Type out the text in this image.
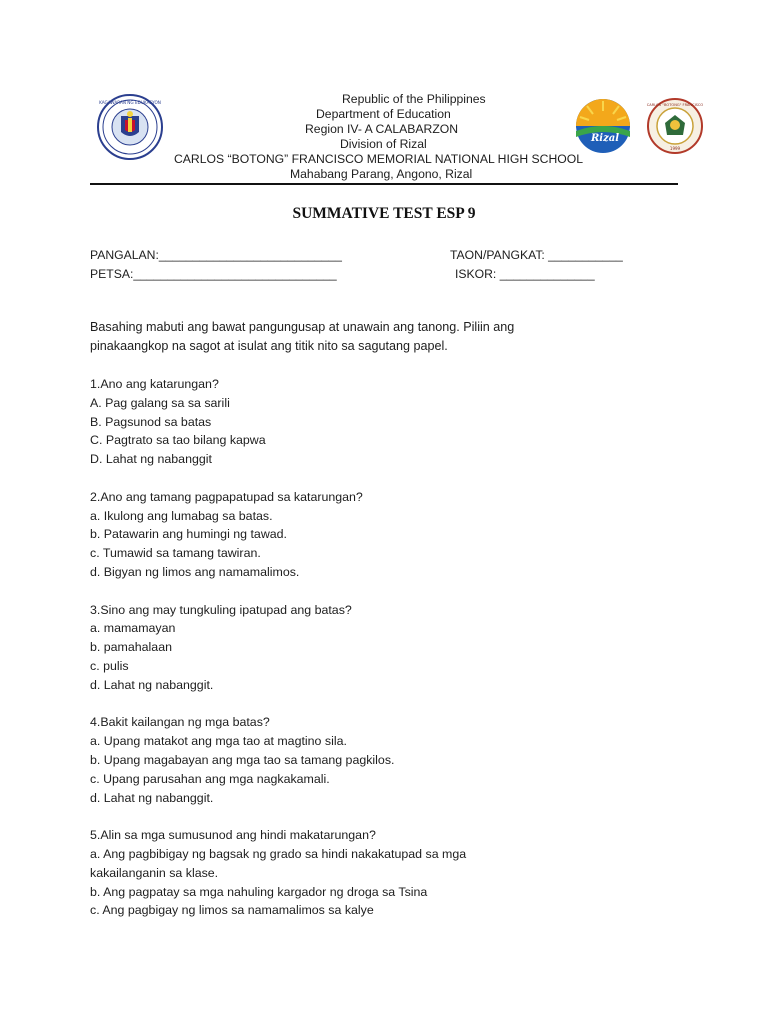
KAGAWARAN NG EDUKASYON
Rizal
CARLOS "BOTONG" FRANCISCO
1999
Republic of the Philippines
Department of Education
Region IV- A CALABARZON
Division of Rizal
CARLOS “BOTONG” FRANCISCO MEMORIAL NATIONAL HIGH SCHOOL
Mahabang Parang, Angono, Rizal
SUMMATIVE TEST ESP 9
PANGALAN:___________________________
PETSA:______________________________
TAON/PANGKAT: ___________
ISKOR: ______________
Basahing mabuti ang bawat pangungusap at unawain ang tanong. Piliin ang
pinakaangkop na sagot at isulat ang titik nito sa sagutang papel.
1.Ano ang katarungan?
A. Pag galang sa sa sarili
B. Pagsunod sa batas
C. Pagtrato sa tao bilang kapwa
D. Lahat ng nabanggit
2.Ano ang tamang pagpapatupad sa katarungan?
a. Ikulong ang lumabag sa batas.
b. Patawarin ang humingi ng tawad.
c. Tumawid sa tamang tawiran.
d. Bigyan ng limos ang namamalimos.
3.Sino ang may tungkuling ipatupad ang batas?
a. mamamayan
b. pamahalaan
c. pulis
d. Lahat ng nabanggit.
4.Bakit kailangan ng mga batas?
a. Upang matakot ang mga tao at magtino sila.
b. Upang magabayan ang mga tao sa tamang pagkilos.
c. Upang parusahan ang mga nagkakamali.
d. Lahat ng nabanggit.
5.Alin sa mga sumusunod ang hindi makatarungan?
a. Ang pagbibigay ng bagsak ng grado sa hindi nakakatupad sa mga
kakailanganin sa klase.
b. Ang pagpatay sa mga nahuling kargador ng droga sa Tsina
c. Ang pagbigay ng limos sa namamalimos sa kalye
